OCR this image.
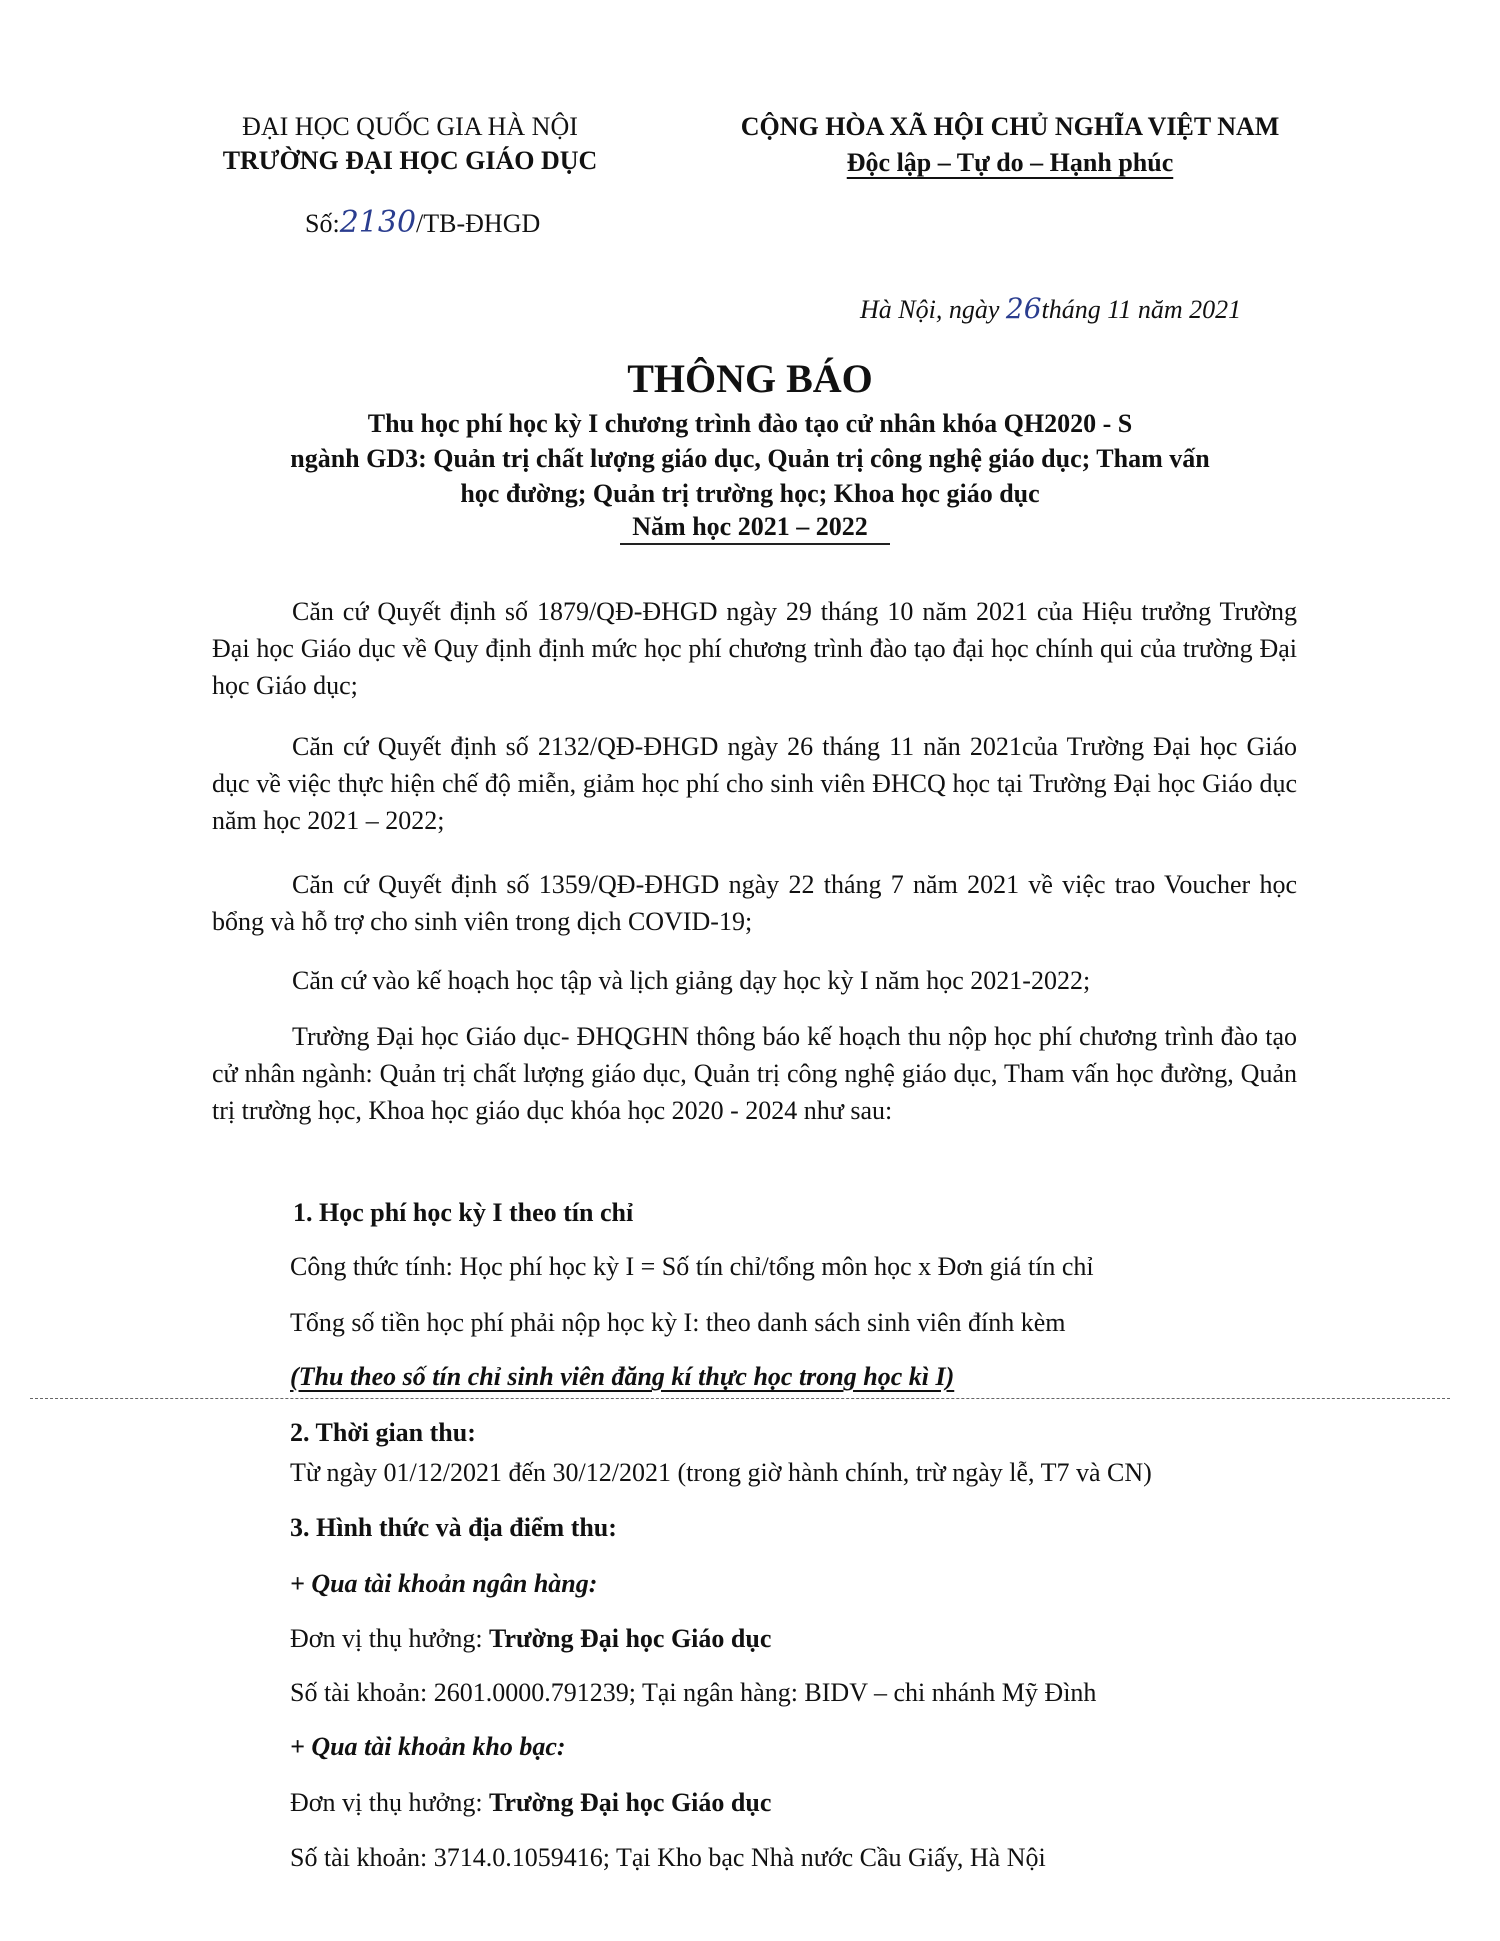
ĐẠI HỌC QUỐC GIA HÀ NỘI
TRƯỜNG ĐẠI HỌC GIÁO DỤC
Số:2130/TB-ĐHGD
CỘNG HÒA XÃ HỘI CHỦ NGHĨA VIỆT NAM
Độc lập – Tự do – Hạnh phúc
Hà Nội, ngày 26tháng 11 năm 2021
THÔNG BÁO
Thu học phí học kỳ I chương trình đào tạo cử nhân khóa QH2020 - S
ngành GD3: Quản trị chất lượng giáo dục, Quản trị công nghệ giáo dục; Tham vấn
học đường; Quản trị trường học; Khoa học giáo dục
Năm học 2021 – 2022
Căn cứ Quyết định số 1879/QĐ-ĐHGD ngày 29 tháng 10 năm 2021 của Hiệu trưởng Trường Đại học Giáo dục về Quy định định mức học phí chương trình đào tạo đại học chính qui của trường Đại học Giáo dục;
Căn cứ Quyết định số 2132/QĐ-ĐHGD ngày 26 tháng 11 năn 2021của Trường Đại học Giáo dục về việc thực hiện chế độ miễn, giảm học phí cho sinh viên ĐHCQ học tại Trường Đại học Giáo dục năm học 2021 – 2022;
Căn cứ Quyết định số 1359/QĐ-ĐHGD ngày 22 tháng 7 năm 2021 về việc trao Voucher học bổng và hỗ trợ cho sinh viên trong dịch COVID-19;
Căn cứ vào kế hoạch học tập và lịch giảng dạy học kỳ I năm học 2021-2022;
Trường Đại học Giáo dục- ĐHQGHN thông báo kế hoạch thu nộp học phí chương trình đào tạo cử nhân ngành: Quản trị chất lượng giáo dục, Quản trị công nghệ giáo dục, Tham vấn học đường, Quản trị trường học, Khoa học giáo dục khóa học 2020 - 2024 như sau:
1. Học phí học kỳ I theo tín chỉ
Công thức tính: Học phí học kỳ I = Số tín chỉ/tổng môn học x Đơn giá tín chỉ
Tổng số tiền học phí phải nộp học kỳ I: theo danh sách sinh viên đính kèm
(Thu theo số tín chỉ sinh viên đăng kí thực học trong học kì I)
2. Thời gian thu:
Từ ngày 01/12/2021 đến 30/12/2021 (trong giờ hành chính, trừ ngày lễ, T7 và CN)
3. Hình thức và địa điểm thu:
+ Qua tài khoản ngân hàng:
Đơn vị thụ hưởng: Trường Đại học Giáo dục
Số tài khoản: 2601.0000.791239; Tại ngân hàng: BIDV – chi nhánh Mỹ Đình
+ Qua tài khoản kho bạc:
Đơn vị thụ hưởng: Trường Đại học Giáo dục
Số tài khoản: 3714.0.1059416; Tại Kho bạc Nhà nước Cầu Giấy, Hà Nội
